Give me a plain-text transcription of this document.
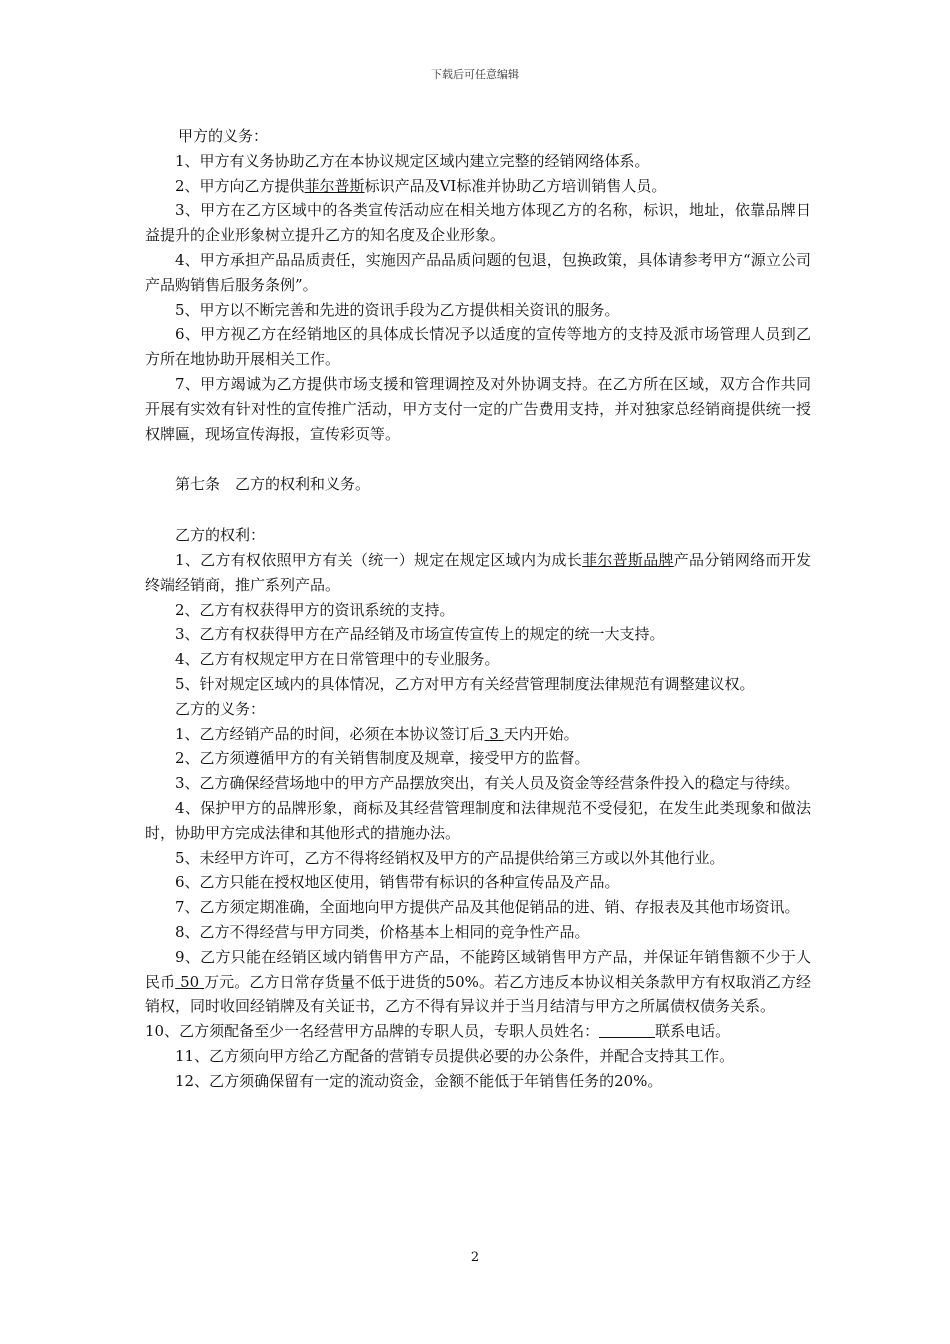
下载后可任意编辑

甲方的义务：

1、甲方有义务协助乙方在本协议规定区域内建立完整的经销网络体系。

2、甲方向乙方提供菲尔普斯标识产品及VI标准并协助乙方培训销售人员。

3、甲方在乙方区域中的各类宣传活动应在相关地方体现乙方的名称，标识，地址，依靠品牌日益提升的企业形象树立提升乙方的知名度及企业形象。

4、甲方承担产品品质责任，实施因产品品质问题的包退，包换政策，具体请参考甲方“源立公司产品购销售后服务条例”。

5、甲方以不断完善和先进的资讯手段为乙方提供相关资讯的服务。

6、甲方视乙方在经销地区的具体成长情况予以适度的宣传等地方的支持及派市场管理人员到乙方所在地协助开展相关工作。

7、甲方竭诚为乙方提供市场支援和管理调控及对外协调支持。在乙方所在区域，双方合作共同开展有实效有针对性的宣传推广活动，甲方支付一定的广告费用支持，并对独家总经销商提供统一授权牌匾，现场宣传海报，宣传彩页等。

第七条　乙方的权利和义务。

乙方的权利：

1、乙方有权依照甲方有关（统一）规定在规定区域内为成长菲尔普斯品牌产品分销网络而开发终端经销商，推广系列产品。

2、乙方有权获得甲方的资讯系统的支持。

3、乙方有权获得甲方在产品经销及市场宣传宣传上的规定的统一大支持。

4、乙方有权规定甲方在日常管理中的专业服务。

5、针对规定区域内的具体情况，乙方对甲方有关经营管理制度法律规范有调整建议权。

乙方的义务：

1、乙方经销产品的时间，必须在本协议签订后 3 天内开始。

2、乙方须遵循甲方的有关销售制度及规章，接受甲方的监督。

3、乙方确保经营场地中的甲方产品摆放突出，有关人员及资金等经营条件投入的稳定与待续。

4、保护甲方的品牌形象，商标及其经营管理制度和法律规范不受侵犯，在发生此类现象和做法时，协助甲方完成法律和其他形式的措施办法。

5、未经甲方许可，乙方不得将经销权及甲方的产品提供给第三方或以外其他行业。

6、乙方只能在授权地区使用，销售带有标识的各种宣传品及产品。

7、乙方须定期准确，全面地向甲方提供产品及其他促销品的进、销、存报表及其他市场资讯。

8、乙方不得经营与甲方同类，价格基本上相同的竞争性产品。

9、乙方只能在经销区域内销售甲方产品，不能跨区域销售甲方产品，并保证年销售额不少于人民币 50 万元。乙方日常存货量不低于进货的50%。若乙方违反本协议相关条款甲方有权取消乙方经销权，同时收回经销牌及有关证书，乙方不得有异议并于当月结清与甲方之所属债权债务关系。

10、乙方须配备至少一名经营甲方品牌的专职人员，专职人员姓名：	联系电话。

11、乙方须向甲方给乙方配备的营销专员提供必要的办公条件，并配合支持其工作。

12、乙方须确保留有一定的流动资金，金额不能低于年销售任务的20%。

2
